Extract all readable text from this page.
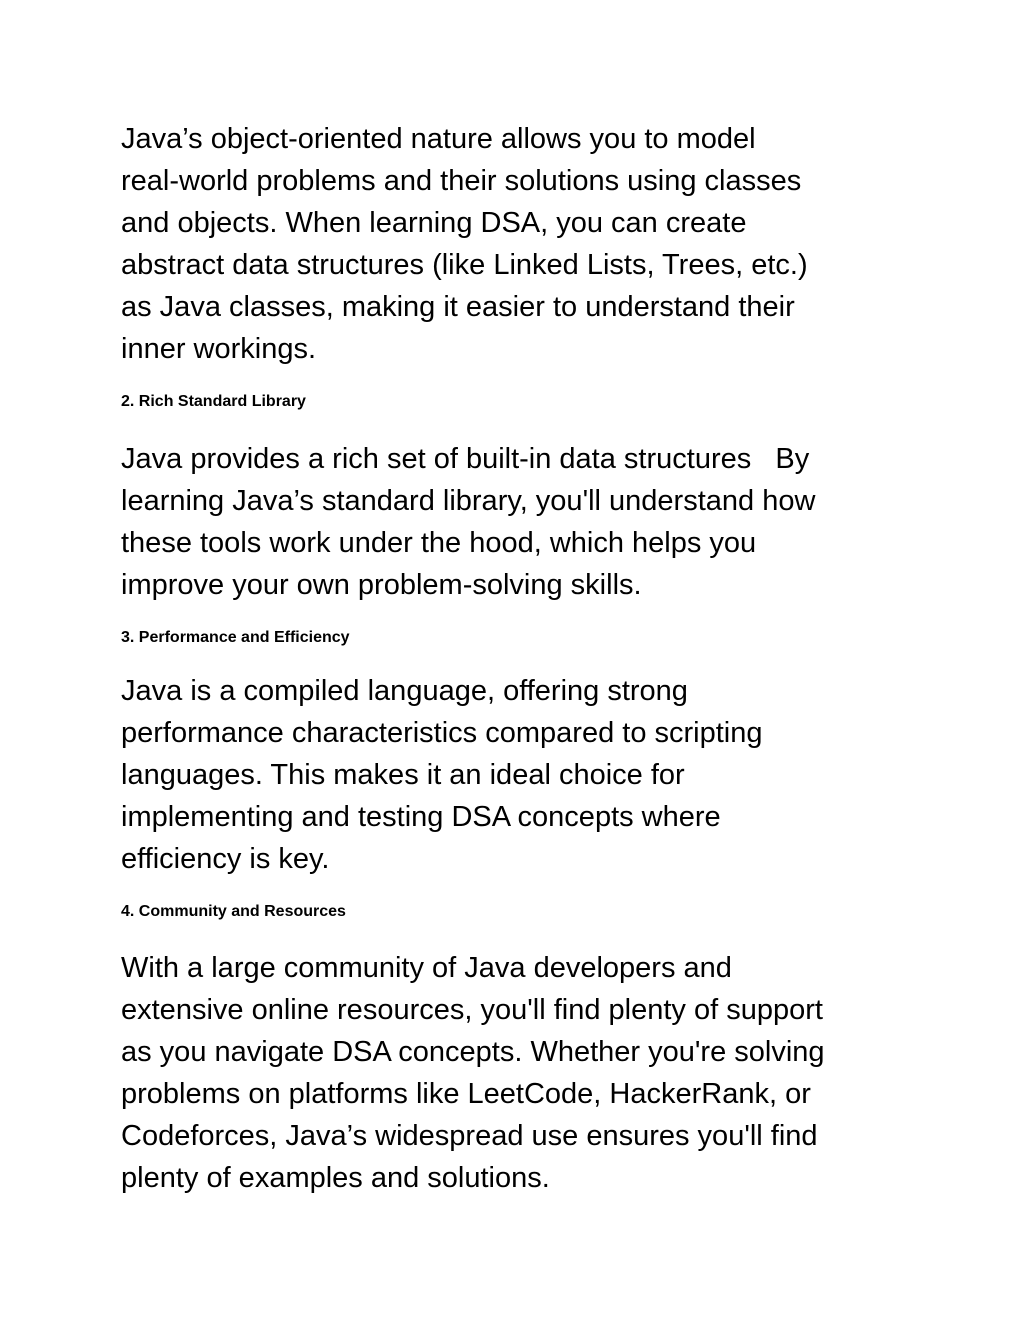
Java’s object-oriented nature allows you to model
real-world problems and their solutions using classes
and objects. When learning DSA, you can create
abstract data structures (like Linked Lists, Trees, etc.)
as Java classes, making it easier to understand their
inner workings.

2. Rich Standard Library

Java provides a rich set of built-in data structures   By
learning Java’s standard library, you'll understand how
these tools work under the hood, which helps you
improve your own problem-solving skills.

3. Performance and Efficiency

Java is a compiled language, offering strong
performance characteristics compared to scripting
languages. This makes it an ideal choice for
implementing and testing DSA concepts where
efficiency is key.

4. Community and Resources

With a large community of Java developers and
extensive online resources, you'll find plenty of support
as you navigate DSA concepts. Whether you're solving
problems on platforms like LeetCode, HackerRank, or
Codeforces, Java’s widespread use ensures you'll find
plenty of examples and solutions.
